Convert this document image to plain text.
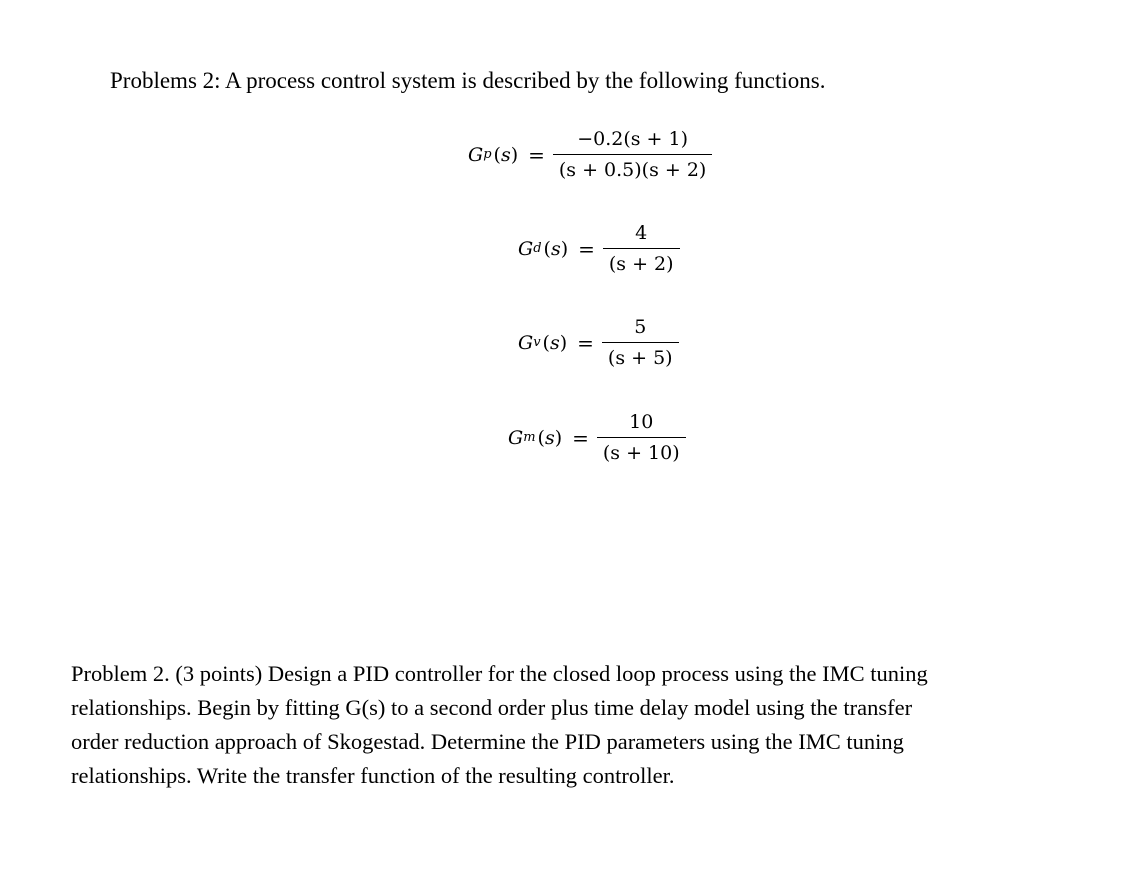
Problems 2: A process control system is described by the following functions.
G p $(s) = \frac{-0.2(s + 1)}{(s + 0.5)(s + 2)}$
G d $(s) = \frac{4}{(s + 2)}$
G v $(s) = \frac{5}{(s + 5)}$
G m $(s) = \frac{10}{(s + 10)}$
Problem 2. (3 points) Design a PID controller for the closed loop process using the IMC tuning
relationships. Begin by fitting G(s) to a second order plus time delay model using the transfer
order reduction approach of Skogestad. Determine the PID parameters using the IMC tuning
relationships. Write the transfer function of the resulting controller.
